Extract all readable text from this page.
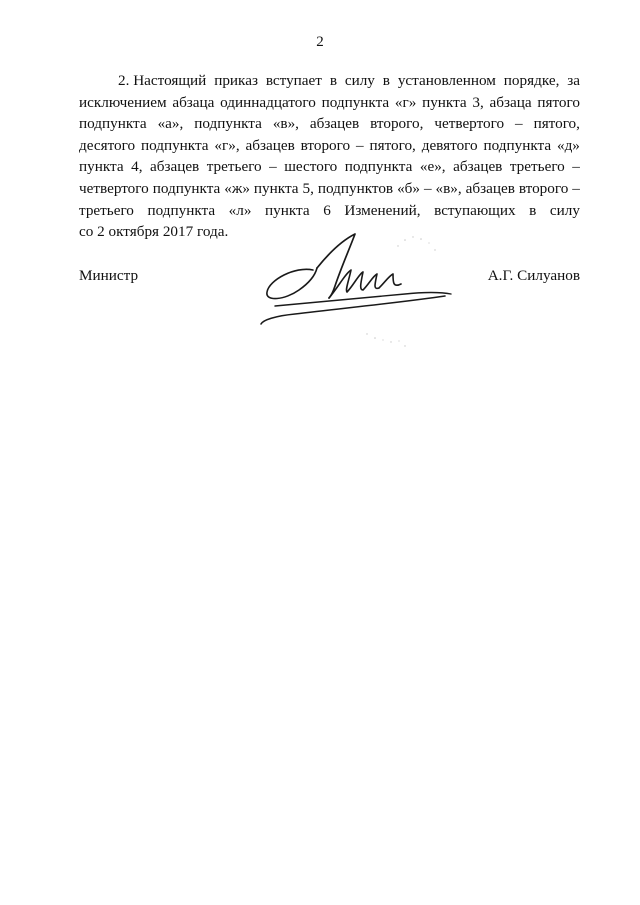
2
2. Настоящий приказ вступает в силу в установленном порядке, за
исключением абзаца одиннадцатого подпункта «г» пункта 3, абзаца пятого
подпункта «а», подпункта «в», абзацев второго, четвертого – пятого,
десятого подпункта «г», абзацев второго – пятого, девятого подпункта «д»
пункта 4, абзацев третьего – шестого подпункта «е», абзацев третьего –
четвертого подпункта «ж» пункта 5, подпунктов «б» – «в», абзацев второго –
третьего подпункта «л» пункта 6 Изменений, вступающих в силу
со 2 октября 2017 года.
Министр	А.Г. Силуанов
